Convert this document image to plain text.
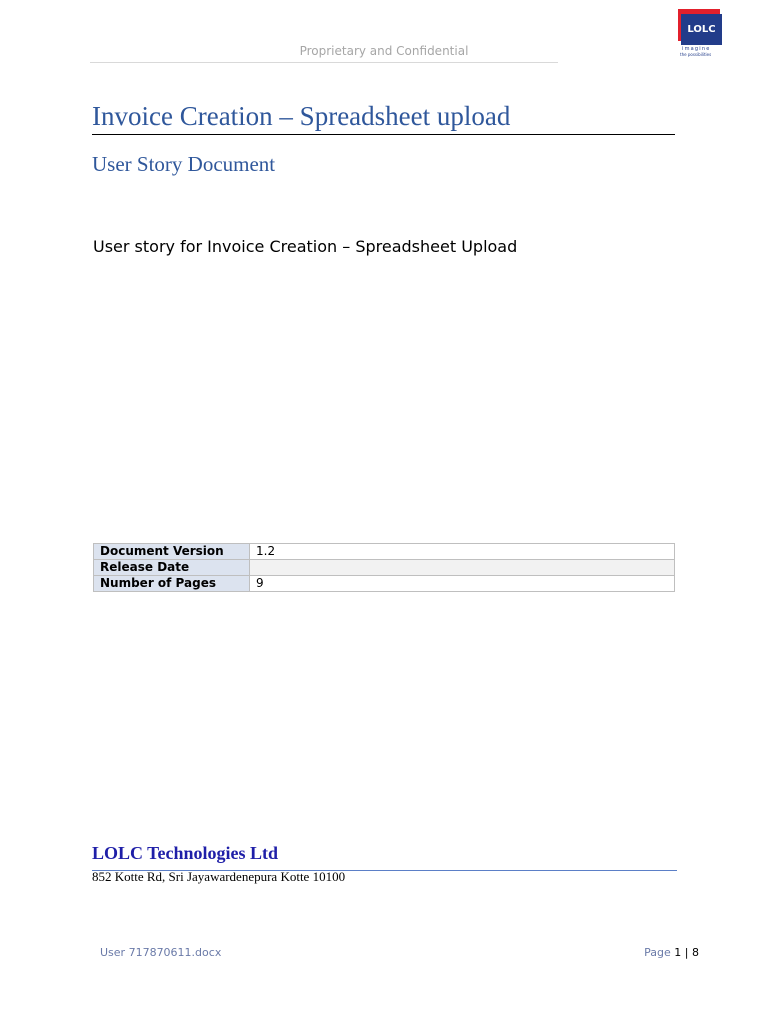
Proprietary and Confidential
LOLC
imagine
the possibilities
Invoice Creation – Spreadsheet upload
User Story Document
User story for Invoice Creation – Spreadsheet Upload
Document Version	1.2
Release Date	
Number of Pages	9
LOLC Technologies Ltd
852 Kotte Rd, Sri Jayawardenepura Kotte 10100
User 717870611.docx	Page 1 | 8
